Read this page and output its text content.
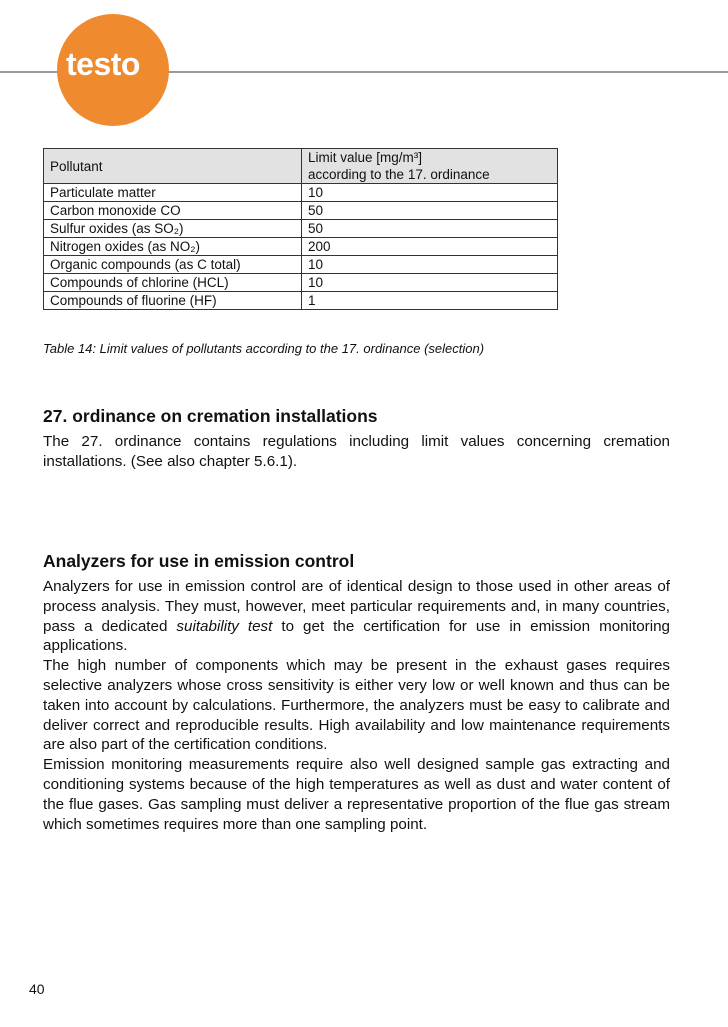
testo
Pollutant	Limit value [mg/m³]
according to the 17. ordinance

Particulate matter	10
Carbon monoxide CO	50
Sulfur oxides (as SO₂)	50
Nitrogen oxides (as NO₂)	200
Organic compounds (as C total)	10
Compounds of chlorine (HCL)	10
Compounds of fluorine (HF)	1
Table 14: Limit values of pollutants according to the 17. ordinance (selection)
27. ordinance on cremation installations

The 27. ordinance contains regulations including limit values concerning cremation installations. (See also chapter 5.6.1).

Analyzers for use in emission control

Analyzers for use in emission control are of identical design to those used in other areas of process analysis. They must, however, meet particular requirements and, in many countries, pass a dedicated suitability test to get the certification for use in emission monitoring applications.

The high number of components which may be present in the exhaust gases requires selective analyzers whose cross sensitivity is either very low or well known and thus can be taken into account by calculations. Furthermore, the analyzers must be easy to calibrate and deliver correct and reproducible results. High availability and low maintenance requirements are also part of the certification conditions.

Emission monitoring measurements require also well designed sample gas extracting and conditioning systems because of the high temperatures as well as dust and water content of the flue gases. Gas sampling must deliver a representative proportion of the flue gas stream which sometimes requires more than one sampling point.

40
